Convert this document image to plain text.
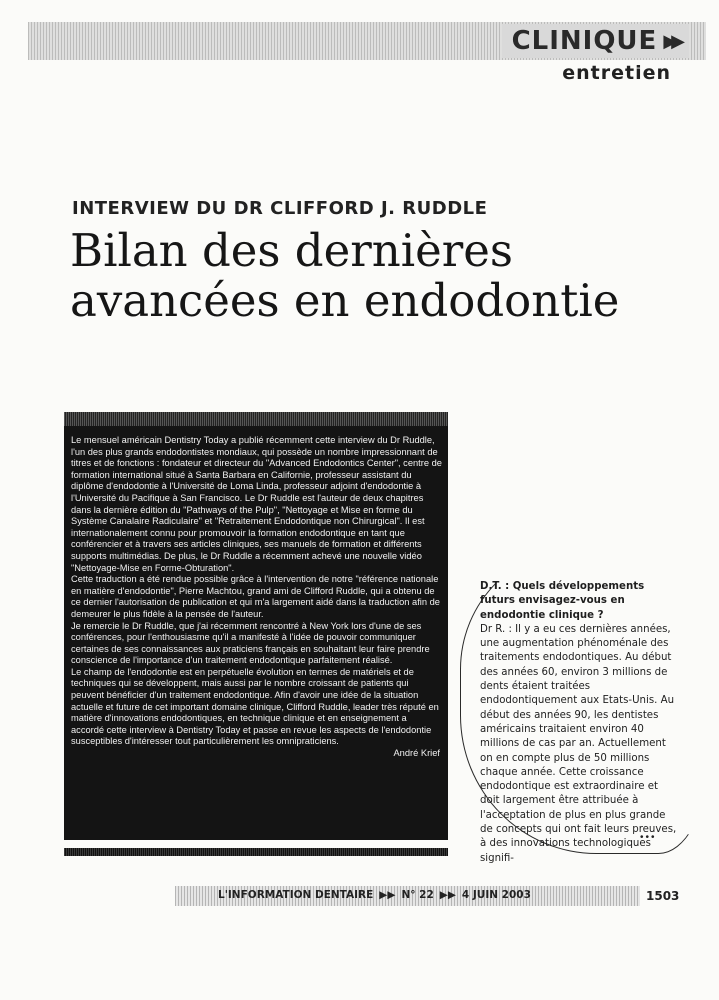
CLINIQUE ▶▶
entretien
INTERVIEW DU DR CLIFFORD J. RUDDLE
Bilan des dernières
avancées en endodontie

Le mensuel américain Dentistry Today a publié récemment cette interview du Dr Ruddle, l'un des plus grands endodontistes mondiaux, qui possède un nombre impressionnant de titres et de fonctions : fondateur et directeur du "Advanced Endodontics Center", centre de formation international situé à Santa Barbara en Californie, professeur assistant du diplôme d'endodontie à l'Université de Loma Linda, professeur adjoint d'endodontie à l'Université du Pacifique à San Francisco. Le Dr Ruddle est l'auteur de deux chapitres dans la dernière édition du "Pathways of the Pulp", "Nettoyage et Mise en forme du Système Canalaire Radiculaire" et "Retraitement Endodontique non Chirurgical". Il est internationalement connu pour promouvoir la formation endodontique en tant que conférencier et à travers ses articles cliniques, ses manuels de formation et différents supports multimédias. De plus, le Dr Ruddle a récemment achevé une nouvelle vidéo "Nettoyage-Mise en Forme-Obturation".

Cette traduction a été rendue possible grâce à l'intervention de notre "référence nationale en matière d'endodontie", Pierre Machtou, grand ami de Clifford Ruddle, qui a obtenu de ce dernier l'autorisation de publication et qui m'a largement aidé dans la traduction afin de demeurer le plus fidèle à la pensée de l'auteur.

Je remercie le Dr Ruddle, que j'ai récemment rencontré à New York lors d'une de ses conférences, pour l'enthousiasme qu'il a manifesté à l'idée de pouvoir communiquer certaines de ses connaissances aux praticiens français en souhaitant leur faire prendre conscience de l'importance d'un traitement endodontique parfaitement réalisé.

Le champ de l'endodontie est en perpétuelle évolution en termes de matériels et de techniques qui se développent, mais aussi par le nombre croissant de patients qui peuvent bénéficier d'un traitement endodontique. Afin d'avoir une idée de la situation actuelle et future de cet important domaine clinique, Clifford Ruddle, leader très réputé en matière d'innovations endodontiques, en technique clinique et en enseignement a accordé cette interview à Dentistry Today et passe en revue les aspects de l'endodontie susceptibles d'intéresser tout particulièrement les omnipraticiens.

André Krief

D.T. : Quels développements futurs envisagez-vous en endodontie clinique ?

Dr R. : Il y a eu ces dernières années, une augmentation phénoménale des traitements endodontiques. Au début des années 60, environ 3 millions de dents étaient traitées endodontiquement aux Etats-Unis. Au début des années 90, les dentistes américains traitaient environ 40 millions de cas par an. Actuellement on en compte plus de 50 millions chaque année. Cette croissance endodontique est extraordinaire et doit largement être attribuée à l'acceptation de plus en plus grande de concepts qui ont fait leurs preuves, à des innovations technologiques signifi-

•••
L'INFORMATION DENTAIRE ▶▶ N° 22 ▶▶ 4 JUIN 2003	1503
